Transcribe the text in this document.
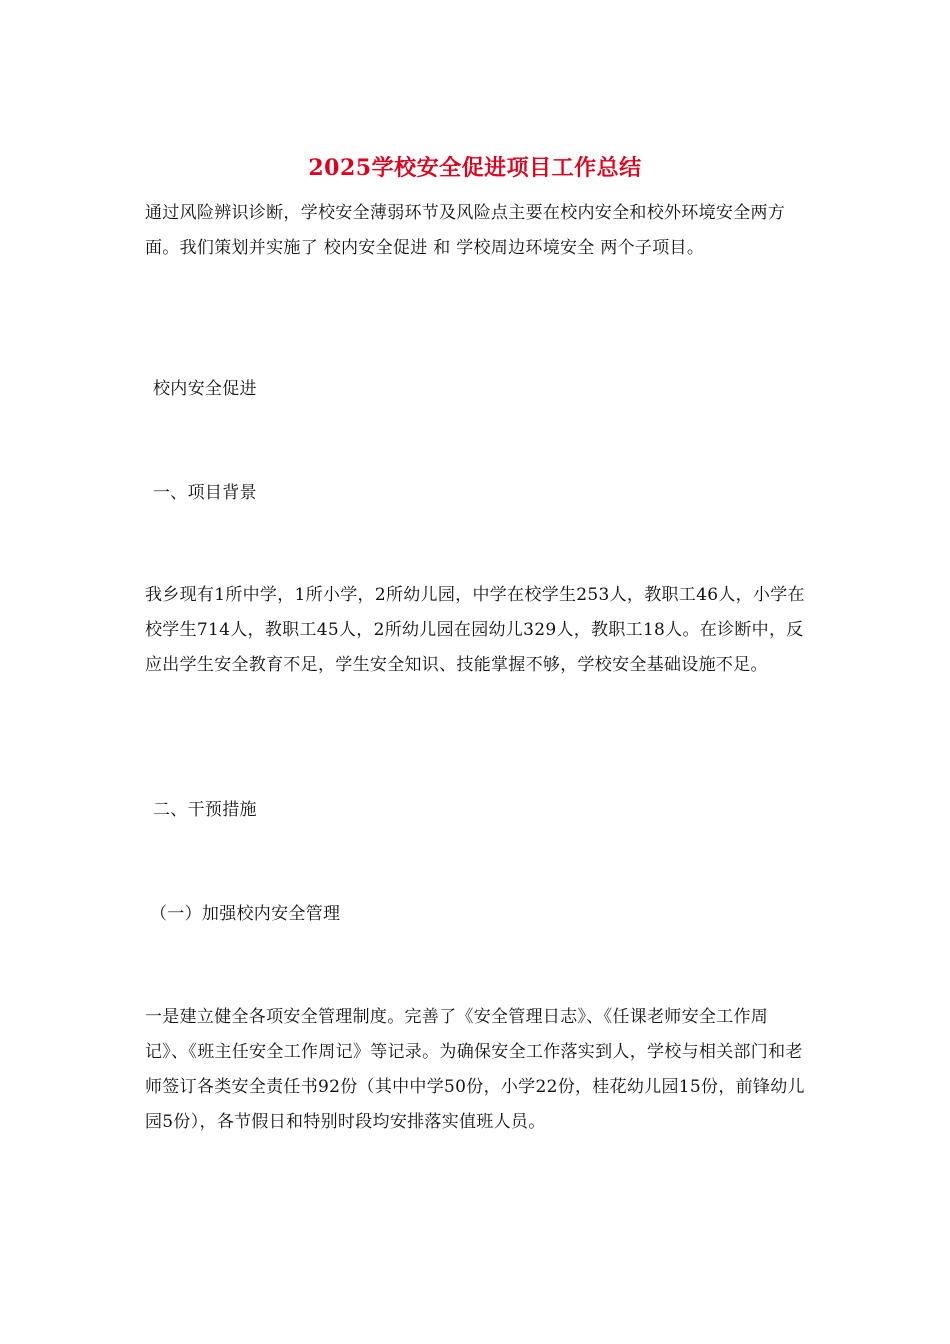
2025学校安全促进项目工作总结

通过风险辨识诊断，学校安全薄弱环节及风险点主要在校内安全和校外环境安全两方面。我们策划并实施了 校内安全促进 和 学校周边环境安全 两个子项目。

校内安全促进

一、项目背景

我乡现有1所中学，1所小学，2所幼儿园，中学在校学生253人，教职工46人，小学在校学生714人，教职工45人，2所幼儿园在园幼儿329人，教职工18人。在诊断中，反应出学生安全教育不足，学生安全知识、技能掌握不够，学校安全基础设施不足。

二、干预措施

（一）加强校内安全管理

一是建立健全各项安全管理制度。完善了《安全管理日志》、《任课老师安全工作周记》、《班主任安全工作周记》等记录。为确保安全工作落实到人，学校与相关部门和老师签订各类安全责任书92份（其中中学50份，小学22份，桂花幼儿园15份，前锋幼儿园5份），各节假日和特别时段均安排落实值班人员。
